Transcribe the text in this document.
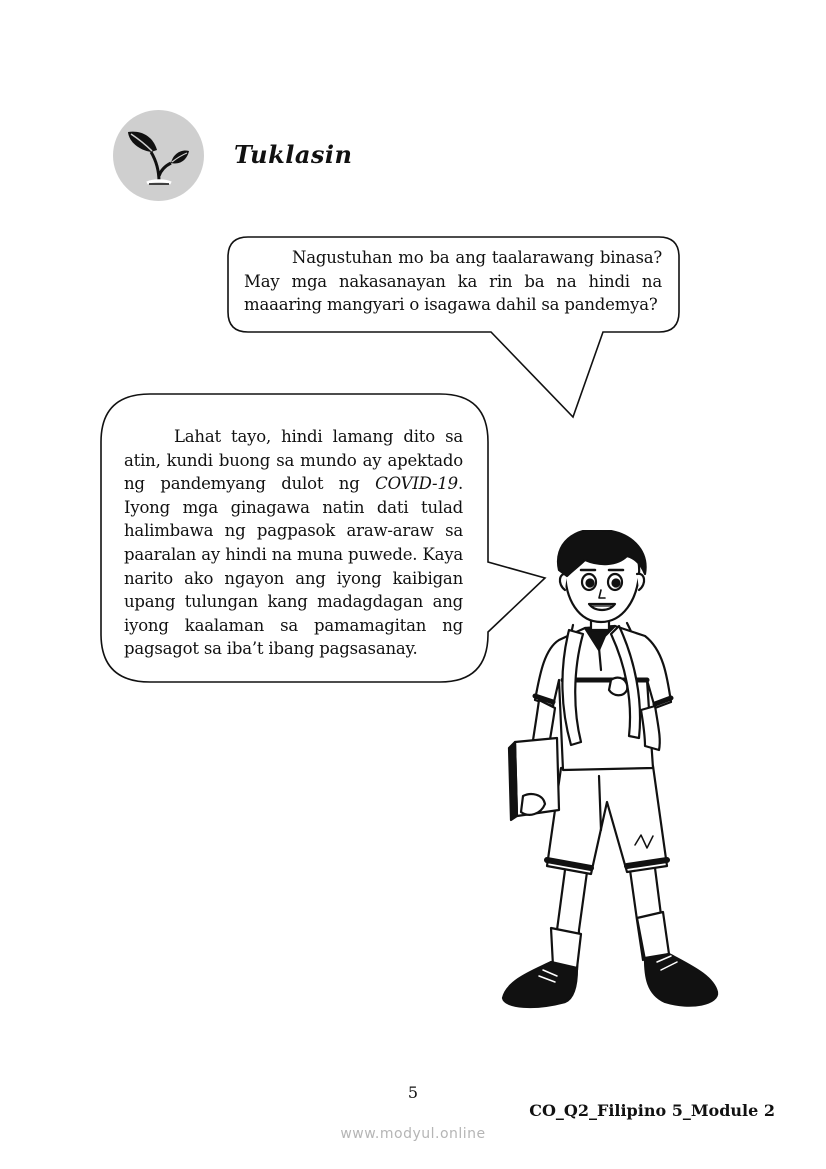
Tuklasin

Nagustuhan mo ba ang taalarawang binasa? May mga nakasanayan ka rin ba na hindi na maaaring mangyari o isagawa dahil sa pandemya?

Lahat tayo, hindi lamang dito sa atin, kundi buong sa mundo ay apektado ng pandemyang dulot ng COVID-19. Iyong mga ginagawa natin dati tulad halimbawa ng pagpasok araw-araw sa paaralan ay hindi na muna puwede. Kaya narito ako ngayon ang iyong kaibigan upang tulungan kang madagdagan ang iyong kaalaman sa pamamagitan ng pagsagot sa iba’t ibang pagsasanay.

5
CO_Q2_Filipino 5_Module 2
www.modyul.online
